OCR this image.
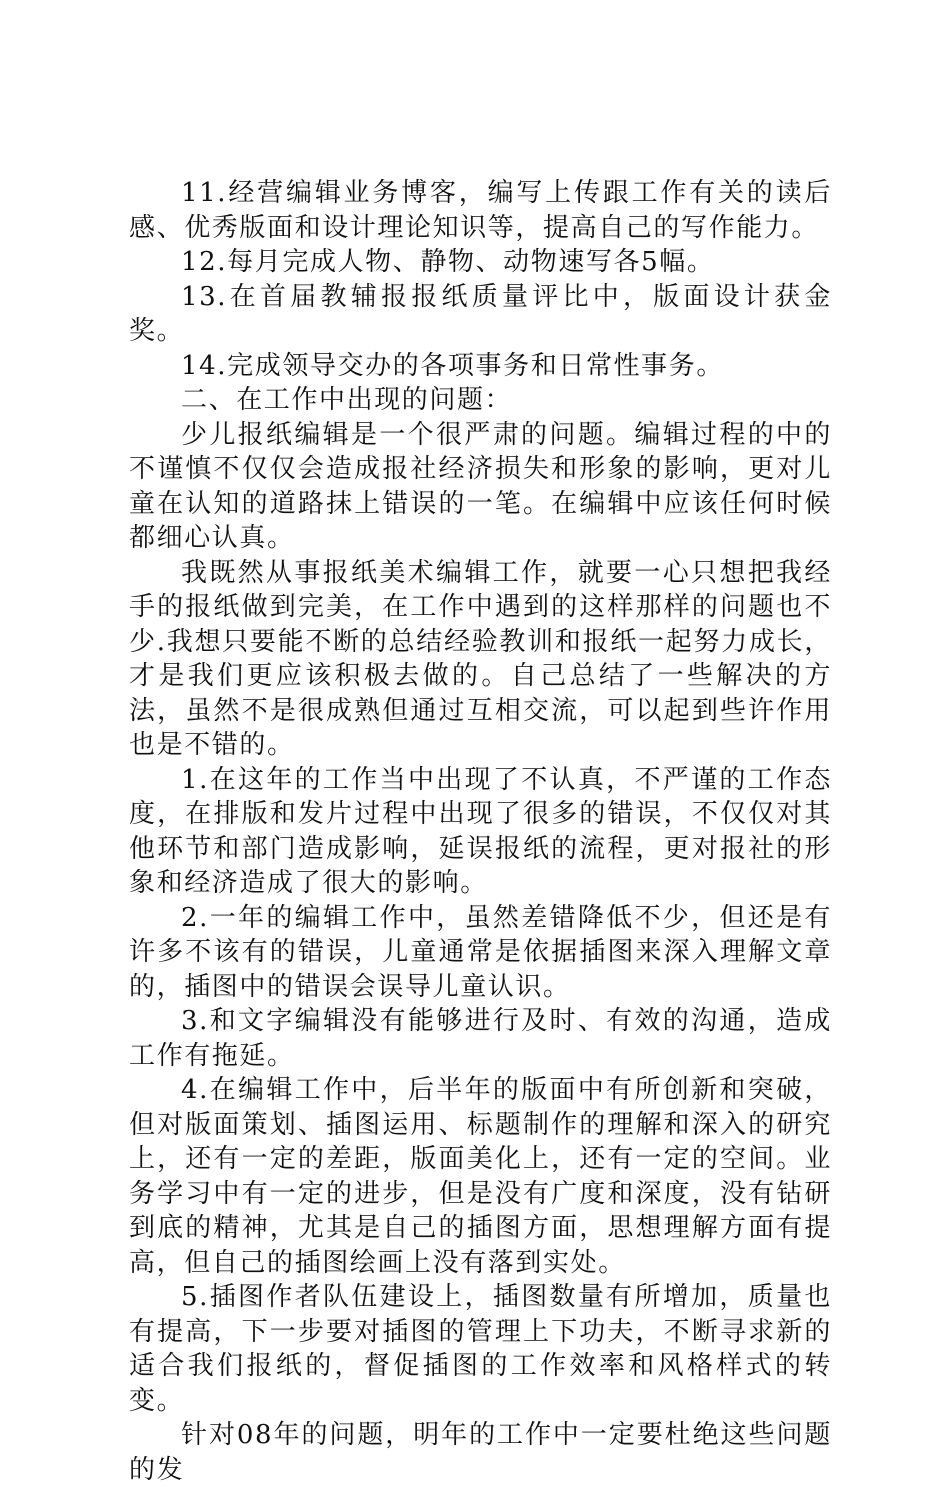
11.经营编辑业务博客，编写上传跟工作有关的读后感、优秀版面和设计理论知识等，提高自己的写作能力。

12.每月完成人物、静物、动物速写各5幅。

13.在首届教辅报报纸质量评比中，版面设计获金奖。

14.完成领导交办的各项事务和日常性事务。

二、在工作中出现的问题：

少儿报纸编辑是一个很严肃的问题。编辑过程的中的不谨慎不仅仅会造成报社经济损失和形象的影响，更对儿童在认知的道路抹上错误的一笔。在编辑中应该任何时候都细心认真。

我既然从事报纸美术编辑工作，就要一心只想把我经手的报纸做到完美，在工作中遇到的这样那样的问题也不少.我想只要能不断的总结经验教训和报纸一起努力成长，才是我们更应该积极去做的。自己总结了一些解决的方法，虽然不是很成熟但通过互相交流，可以起到些许作用也是不错的。

1.在这年的工作当中出现了不认真，不严谨的工作态度，在排版和发片过程中出现了很多的错误，不仅仅对其他环节和部门造成影响，延误报纸的流程，更对报社的形象和经济造成了很大的影响。

2.一年的编辑工作中，虽然差错降低不少，但还是有许多不该有的错误，儿童通常是依据插图来深入理解文章的，插图中的错误会误导儿童认识。

3.和文字编辑没有能够进行及时、有效的沟通，造成工作有拖延。

4.在编辑工作中，后半年的版面中有所创新和突破，但对版面策划、插图运用、标题制作的理解和深入的研究上，还有一定的差距，版面美化上，还有一定的空间。业务学习中有一定的进步，但是没有广度和深度，没有钻研到底的精神，尤其是自己的插图方面，思想理解方面有提高，但自己的插图绘画上没有落到实处。

5.插图作者队伍建设上，插图数量有所增加，质量也有提高，下一步要对插图的管理上下功夫，不断寻求新的适合我们报纸的，督促插图的工作效率和风格样式的转变。

针对08年的问题，明年的工作中一定要杜绝这些问题的发
